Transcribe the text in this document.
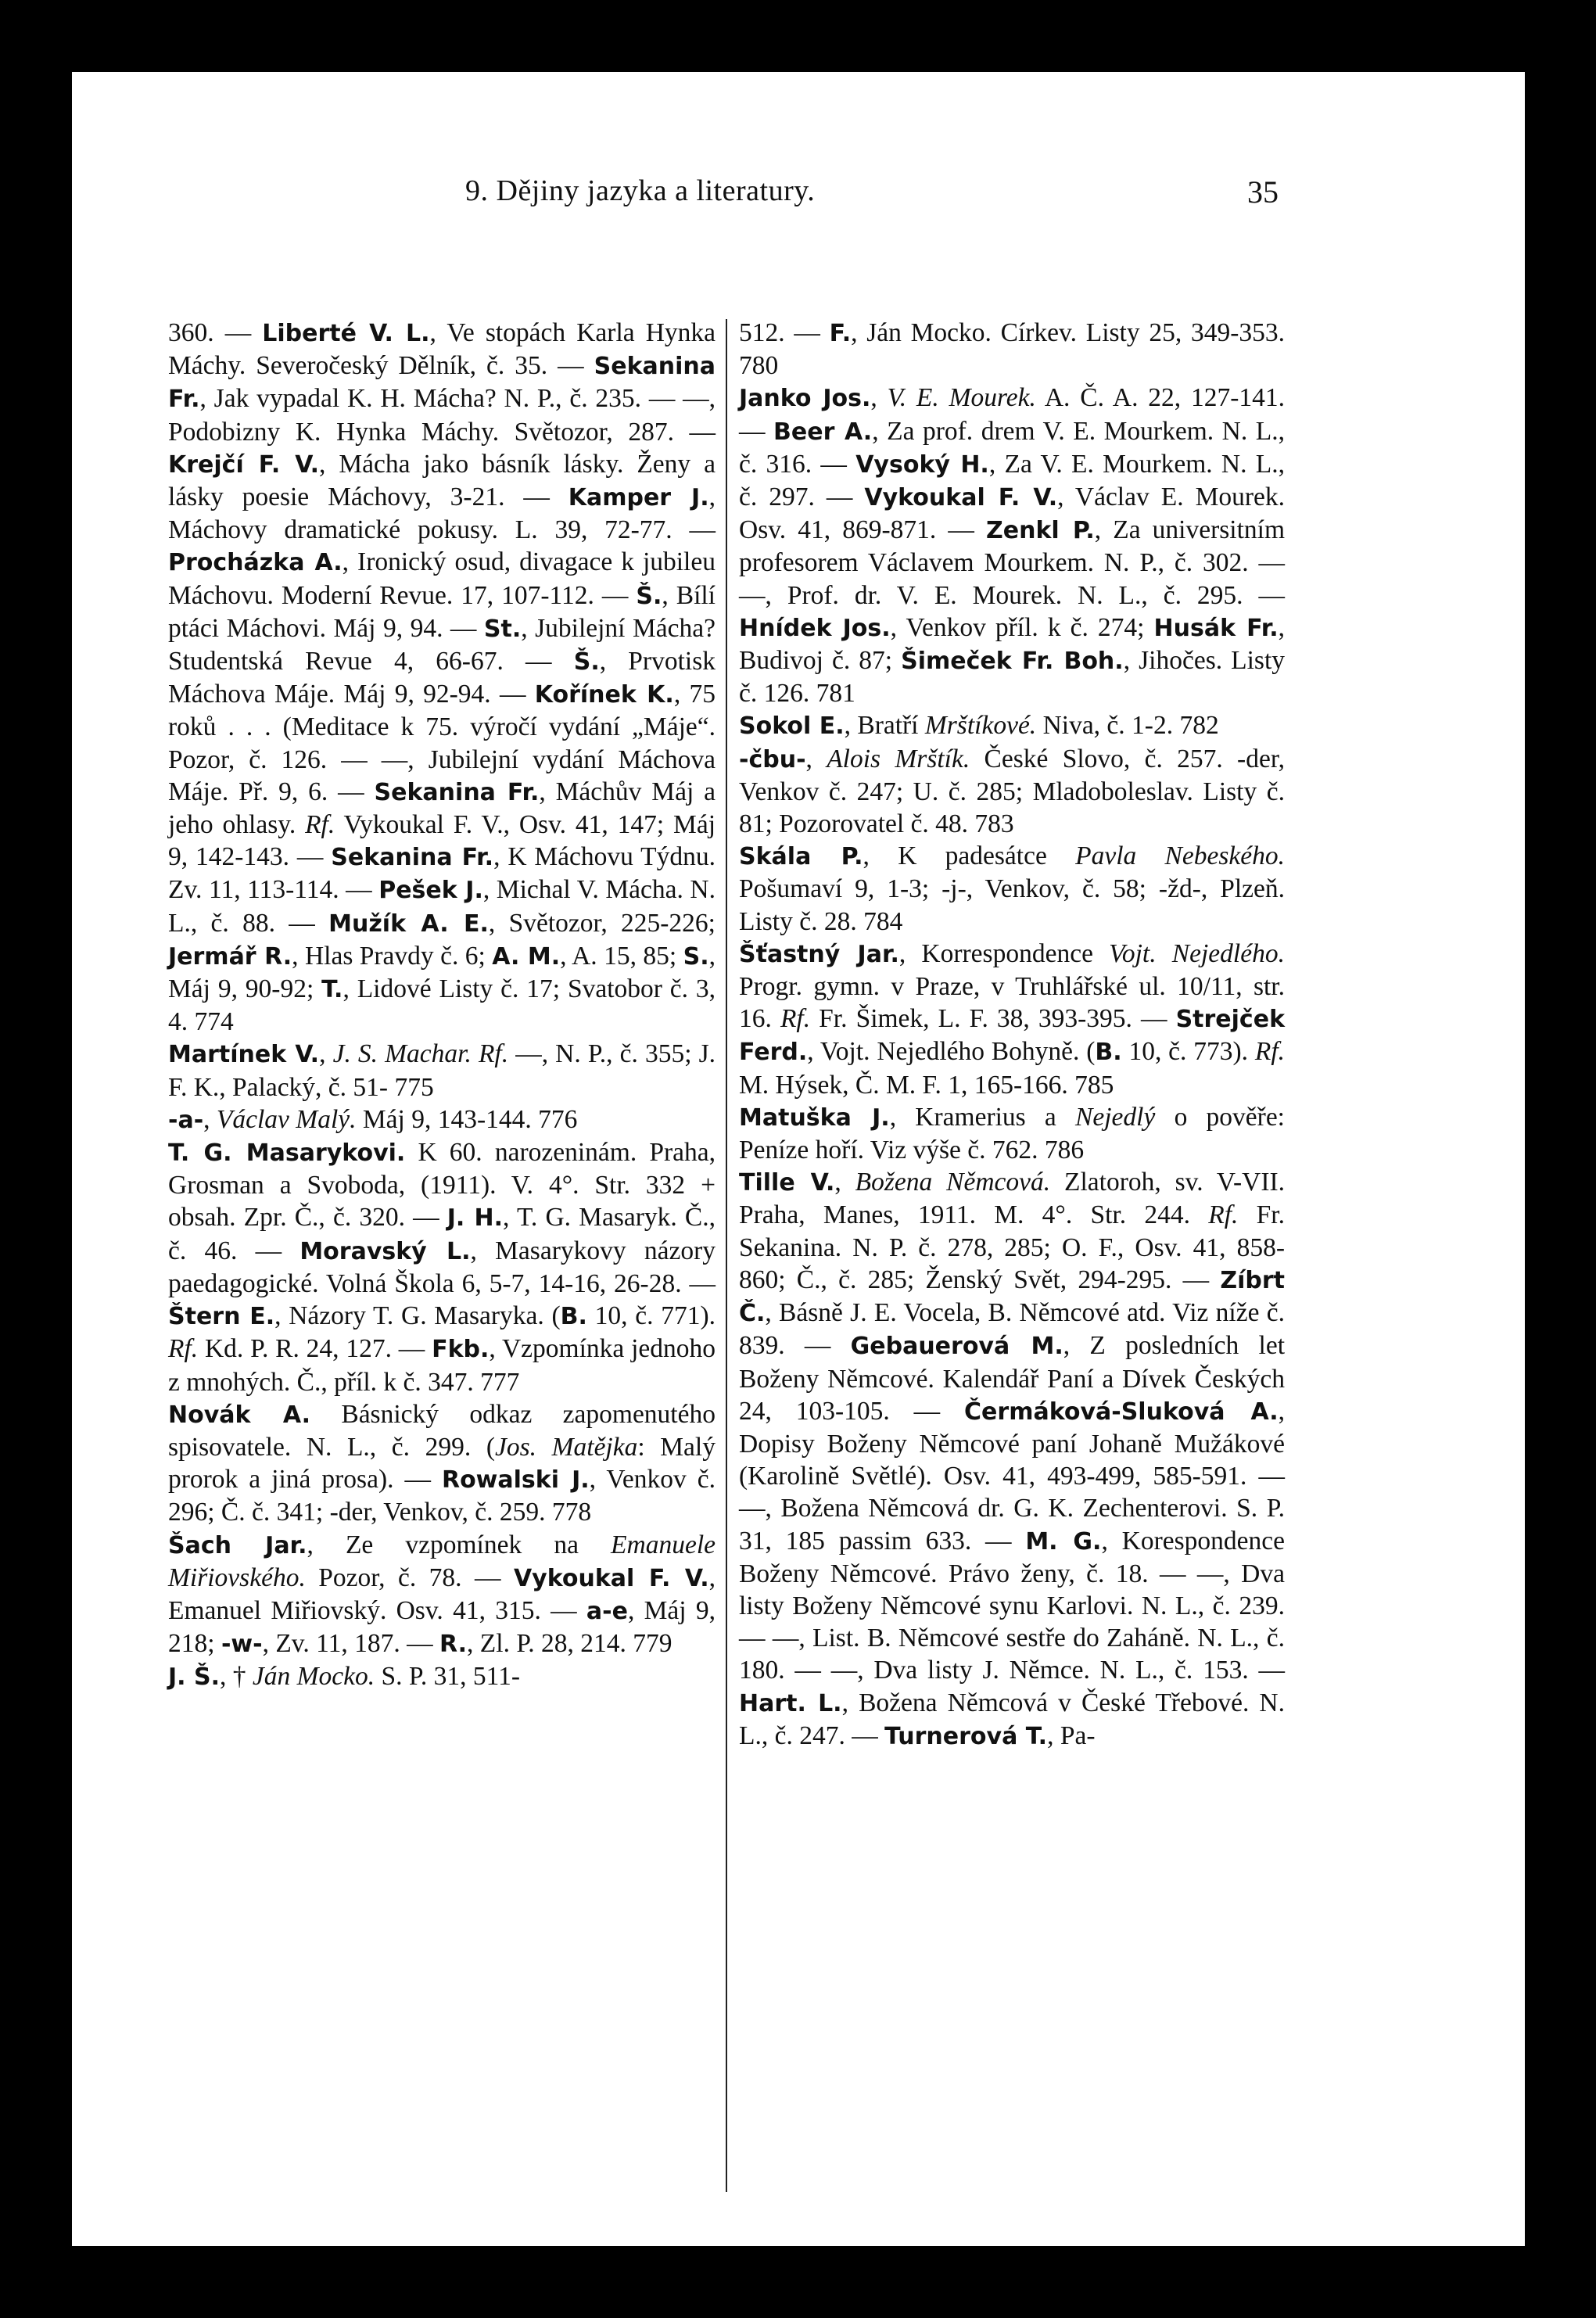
9. Dějiny jazyka a literatury.	35

360. — Liberté V. L., Ve stopách Karla Hynka Máchy. Severočeský Dělník, č. 35. — Sekanina Fr., Jak vypadal K. H. Mácha? N. P., č. 235. — —, Podobizny K. Hynka Máchy. Světozor, 287. — Krejčí F. V., Mácha jako básník lásky. Ženy a lásky poesie Máchovy, 3-21. — Kamper J., Máchovy dramatické pokusy. L. 39, 72-77. — Procházka A., Ironický osud, divagace k jubileu Máchovu. Moderní Revue. 17, 107-112. — Š., Bílí ptáci Máchovi. Máj 9, 94. — St., Jubilejní Mácha? Studentská Revue 4, 66-67. — Š., Prvotisk Máchova Máje. Máj 9, 92-94. — Kořínek K., 75 roků . . . (Meditace k 75. výročí vydání „Máje“. Pozor, č. 126. — —, Jubilejní vydání Máchova Máje. Př. 9, 6. — Sekanina Fr., Máchův Máj a jeho ohlasy. Rf. Vykoukal F. V., Osv. 41, 147; Máj 9, 142-143. — Sekanina Fr., K Máchovu Týdnu. Zv. 11, 113-114. — Pešek J., Michal V. Mácha. N. L., č. 88. — Mužík A. E., Světozor, 225-226; Jermář R., Hlas Pravdy č. 6; A. M., A. 15, 85; S., Máj 9, 90-92; T., Lidové Listy č. 17; Svatobor č. 3, 4. 774

Martínek V., J. S. Machar. Rf. —, N. P., č. 355; J. F. K., Palacký, č. 51- 775

-a-, Václav Malý. Máj 9, 143-144. 776

T. G. Masarykovi. K 60. narozeninám. Praha, Grosman a Svoboda, (1911). V. 4°. Str. 332 + obsah. Zpr. Č., č. 320. — J. H., T. G. Masaryk. Č., č. 46. — Moravský L., Masarykovy názory paedagogické. Volná Škola 6, 5-7, 14-16, 26-28. — Štern E., Názory T. G. Masaryka. (B. 10, č. 771). Rf. Kd. P. R. 24, 127. — Fkb., Vzpomínka jednoho z mnohých. Č., příl. k č. 347. 777

Novák A. Básnický odkaz zapomenutého spisovatele. N. L., č. 299. (Jos. Matějka: Malý prorok a jiná prosa). — Rowalski J., Venkov č. 296; Č. č. 341; -der, Venkov, č. 259. 778

Šach Jar., Ze vzpomínek na Emanuele Miřiovského. Pozor, č. 78. — Vykoukal F. V., Emanuel Miřiovský. Osv. 41, 315. — a-e, Máj 9, 218; -w-, Zv. 11, 187. — R., Zl. P. 28, 214. 779

J. Š., † Ján Mocko. S. P. 31, 511-

512. — F., Ján Mocko. Církev. Listy 25, 349-353. 780

Janko Jos., V. E. Mourek. A. Č. A. 22, 127-141. — Beer A., Za prof. drem V. E. Mourkem. N. L., č. 316. — Vysoký H., Za V. E. Mourkem. N. L., č. 297. — Vykoukal F. V., Václav E. Mourek. Osv. 41, 869-871. — Zenkl P., Za universitním profesorem Václavem Mourkem. N. P., č. 302. — —, Prof. dr. V. E. Mourek. N. L., č. 295. — Hnídek Jos., Venkov příl. k č. 274; Husák Fr., Budivoj č. 87; Šimeček Fr. Boh., Jihočes. Listy č. 126. 781

Sokol E., Bratří Mrštíkové. Niva, č. 1-2. 782

-čbu-, Alois Mrštík. České Slovo, č. 257. -der, Venkov č. 247; U. č. 285; Mladoboleslav. Listy č. 81; Pozorovatel č. 48. 783

Skála P., K padesátce Pavla Nebeského. Pošumaví 9, 1-3; -j-, Venkov, č. 58; -žd-, Plzeň. Listy č. 28. 784

Šťastný Jar., Korrespondence Vojt. Nejedlého. Progr. gymn. v Praze, v Truhlářské ul. 10/11, str. 16. Rf. Fr. Šimek, L. F. 38, 393-395. — Strejček Ferd., Vojt. Nejedlého Bohyně. (B. 10, č. 773). Rf. M. Hýsek, Č. M. F. 1, 165-166. 785

Matuška J., Kramerius a Nejedlý o pověře: Peníze hoří. Viz výše č. 762. 786

Tille V., Božena Němcová. Zlatoroh, sv. V-VII. Praha, Manes, 1911. M. 4°. Str. 244. Rf. Fr. Sekanina. N. P. č. 278, 285; O. F., Osv. 41, 858-860; Č., č. 285; Ženský Svět, 294-295. — Zíbrt Č., Básně J. E. Vocela, B. Němcové atd. Viz níže č. 839. — Gebauerová M., Z posledních let Boženy Němcové. Kalendář Paní a Dívek Českých 24, 103-105. — Čermáková-Sluková A., Dopisy Boženy Němcové paní Johaně Mužákové (Karolině Světlé). Osv. 41, 493-499, 585-591. — —, Božena Němcová dr. G. K. Zechenterovi. S. P. 31, 185 passim 633. — M. G., Korespondence Boženy Němcové. Právo ženy, č. 18. — —, Dva listy Boženy Němcové synu Karlovi. N. L., č. 239. — —, List. B. Němcové sestře do Zaháně. N. L., č. 180. — —, Dva listy J. Němce. N. L., č. 153. — Hart. L., Božena Němcová v České Třebové. N. L., č. 247. — Turnerová T., Pa-
